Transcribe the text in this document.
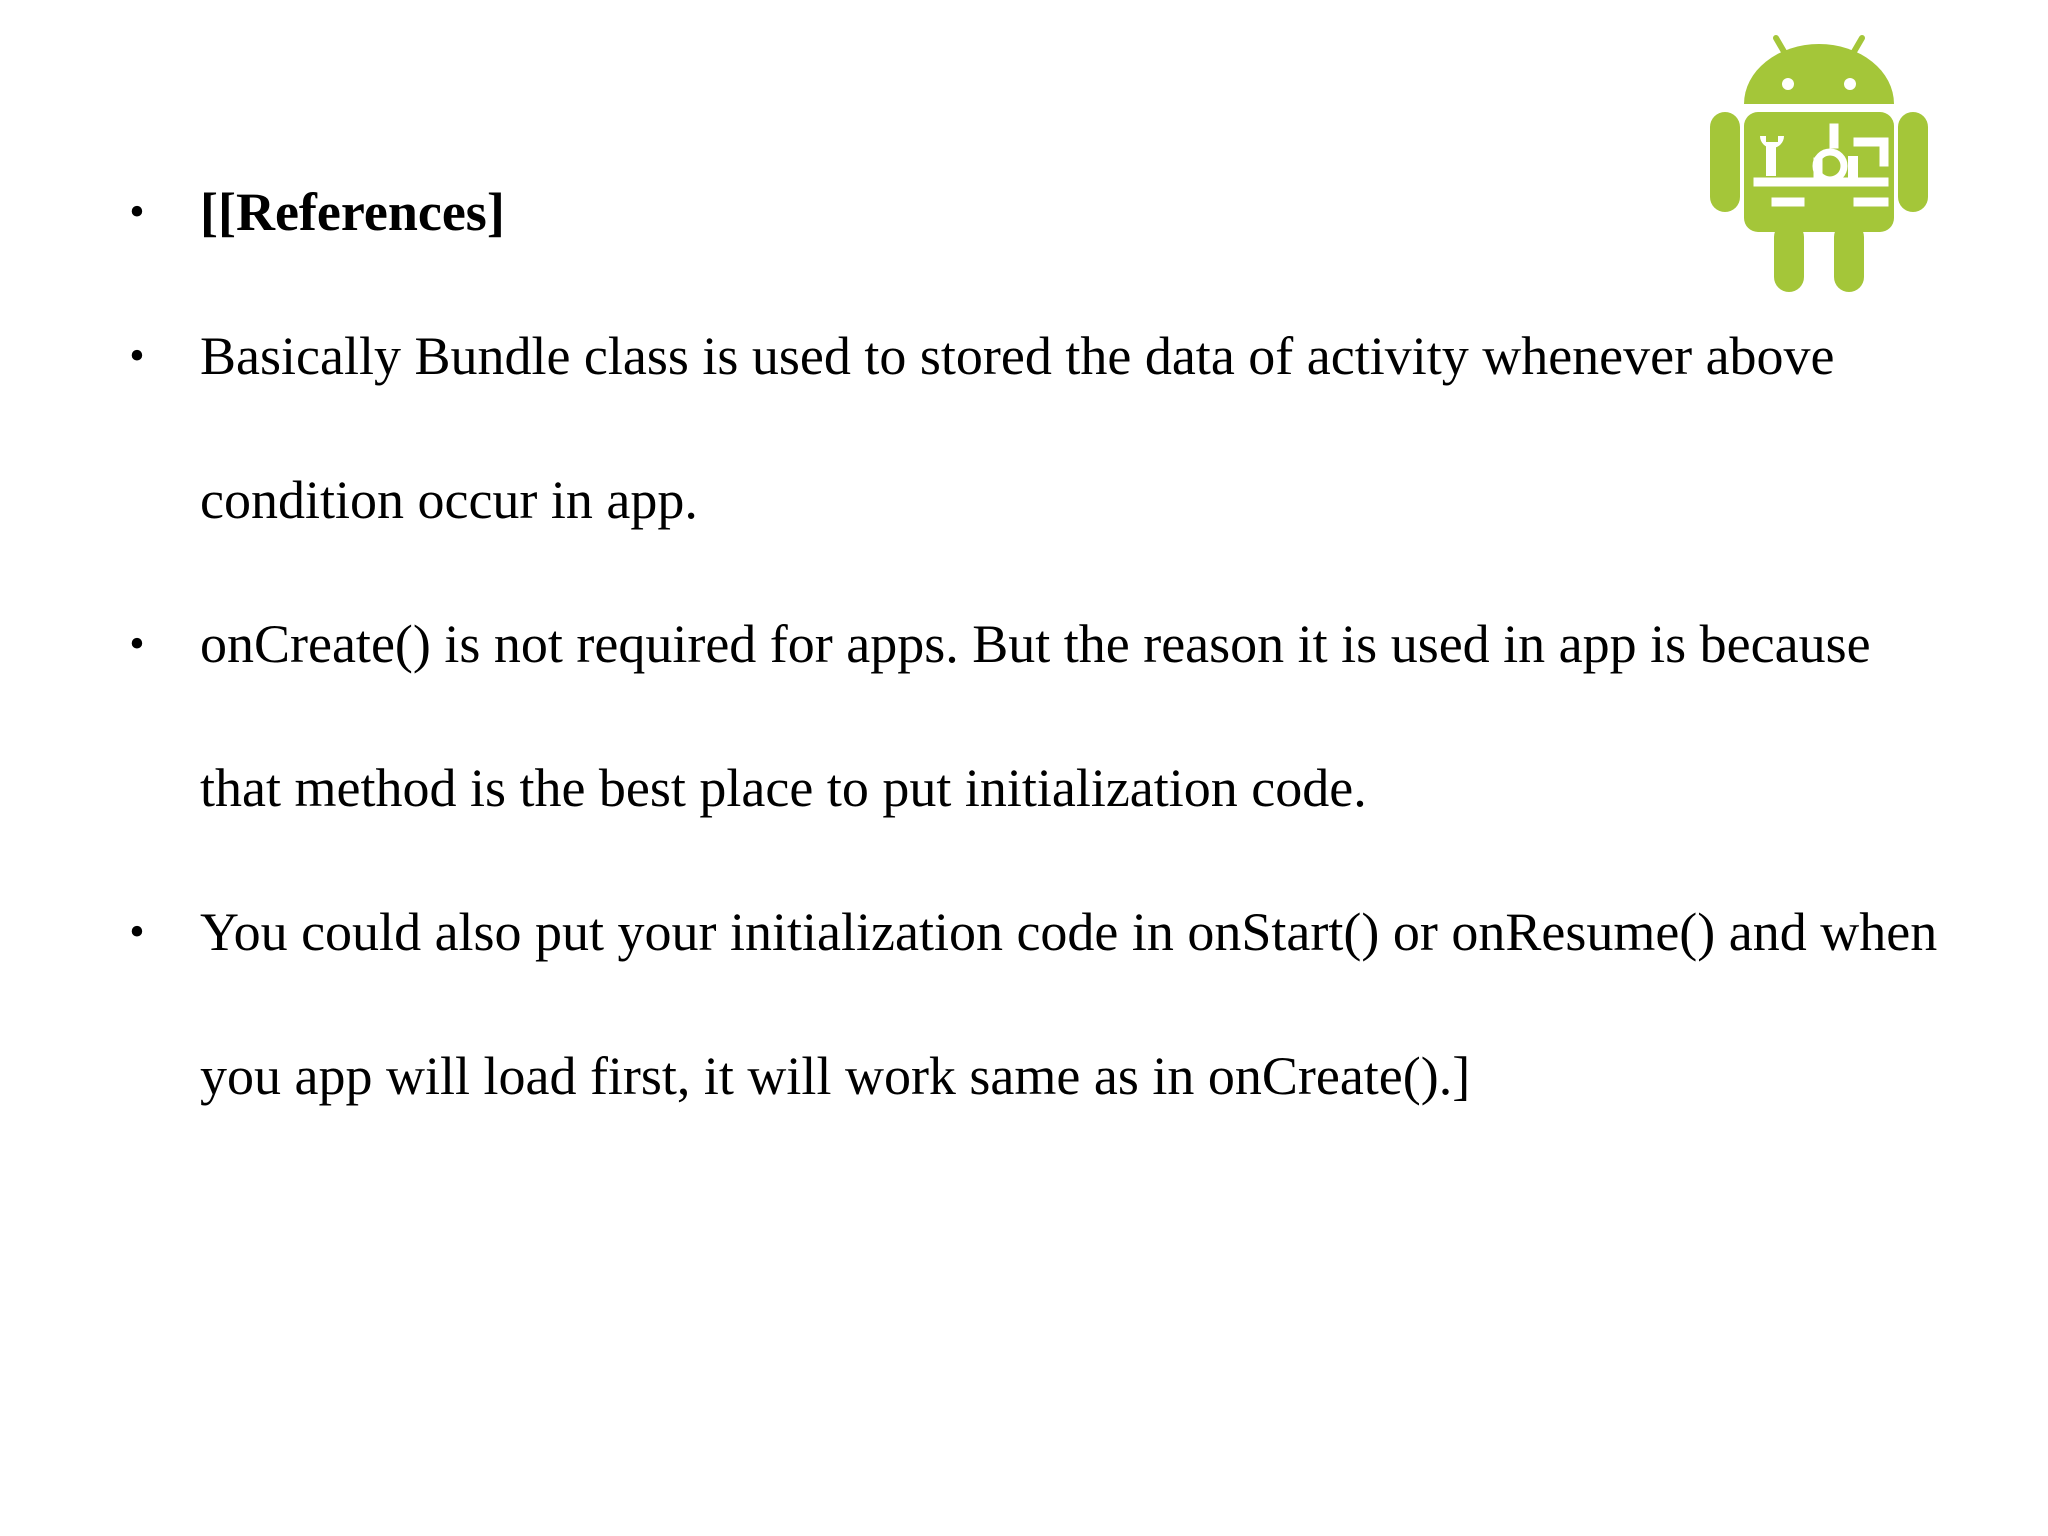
• [[References]
• Basically Bundle class is used to stored the data of activity whenever above condition occur in app.
• onCreate() is not required for apps. But the reason it is used in app is because that method is the best place to put initialization code.
• You could also put your initialization code in onStart() or onResume() and when you app will load first, it will work same as in onCreate().]
